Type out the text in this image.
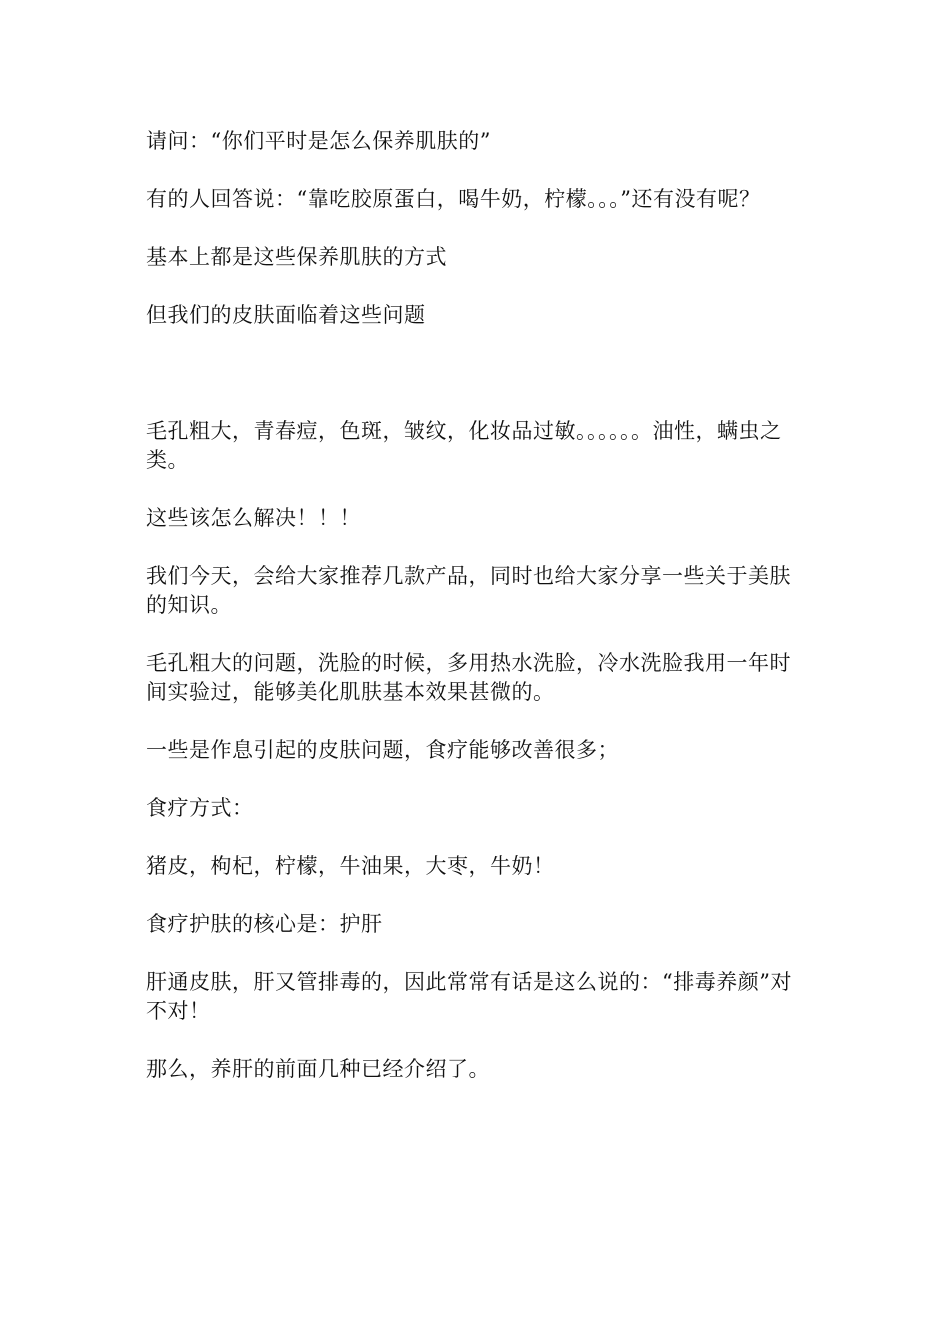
请问：“你们平时是怎么保养肌肤的”

有的人回答说：“靠吃胶原蛋白，喝牛奶，柠檬。。。”还有没有呢？

基本上都是这些保养肌肤的方式

但我们的皮肤面临着这些问题

毛孔粗大，青春痘，色斑，皱纹，化妆品过敏。。。。。。油性，螨虫之类。

这些该怎么解决！！！

我们今天，会给大家推荐几款产品，同时也给大家分享一些关于美肤的知识。

毛孔粗大的问题，洗脸的时候，多用热水洗脸，冷水洗脸我用一年时间实验过，能够美化肌肤基本效果甚微的。

一些是作息引起的皮肤问题，食疗能够改善很多；

食疗方式：

猪皮，枸杞，柠檬，牛油果，大枣，牛奶！

食疗护肤的核心是：护肝

肝通皮肤，肝又管排毒的，因此常常有话是这么说的：“排毒养颜”对不对！

那么，养肝的前面几种已经介绍了。
